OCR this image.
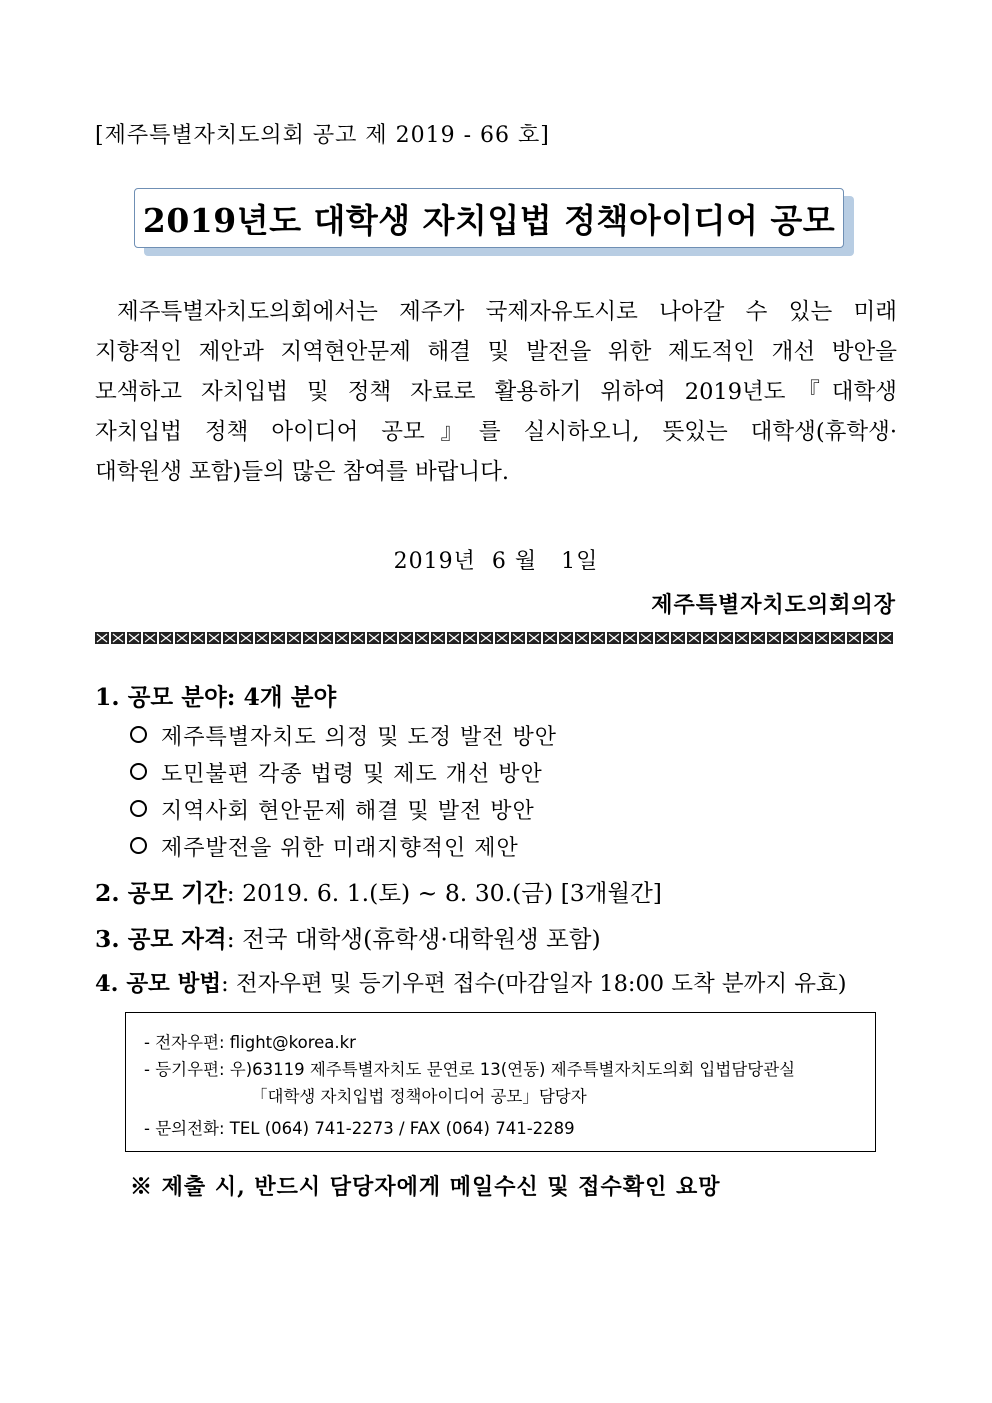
[제주특별자치도의회 공고 제 2019 - 66 호]
2019년도 대학생 자치입법 정책아이디어 공모
제주특별자치도의회에서는 제주가 국제자유도시로 나아갈 수 있는 미래
지향적인 제안과 지역현안문제 해결 및 발전을 위한 제도적인 개선 방안을
모색하고 자치입법 및 정책 자료로 활용하기 위하여 2019년도『대학생
자치입법 정책 아이디어 공모』를 실시하오니, 뜻있는 대학생(휴학생·
대학원생 포함)들의 많은 참여를 바랍니다.
2019년  6 월   1일
제주특별자치도의회의장
1. 공모 분야: 4개 분야
제주특별자치도 의정 및 도정 발전 방안
도민불편 각종 법령 및 제도 개선 방안
지역사회 현안문제 해결 및 발전 방안
제주발전을 위한 미래지향적인 제안
2. 공모 기간: 2019. 6. 1.(토) ~ 8. 30.(금) [3개월간]
3. 공모 자격: 전국 대학생(휴학생·대학원생 포함)
4. 공모 방법: 전자우편 및 등기우편 접수(마감일자 18:00 도착 분까지 유효)
- 전자우편: flight@korea.kr
- 등기우편: 우)63119 제주특별자치도 문연로 13(연동) 제주특별자치도의회 입법담당관실
「대학생 자치입법 정책아이디어 공모」담당자
- 문의전화: TEL (064) 741-2273 / FAX (064) 741-2289
※ 제출 시, 반드시 담당자에게 메일수신 및 접수확인 요망
